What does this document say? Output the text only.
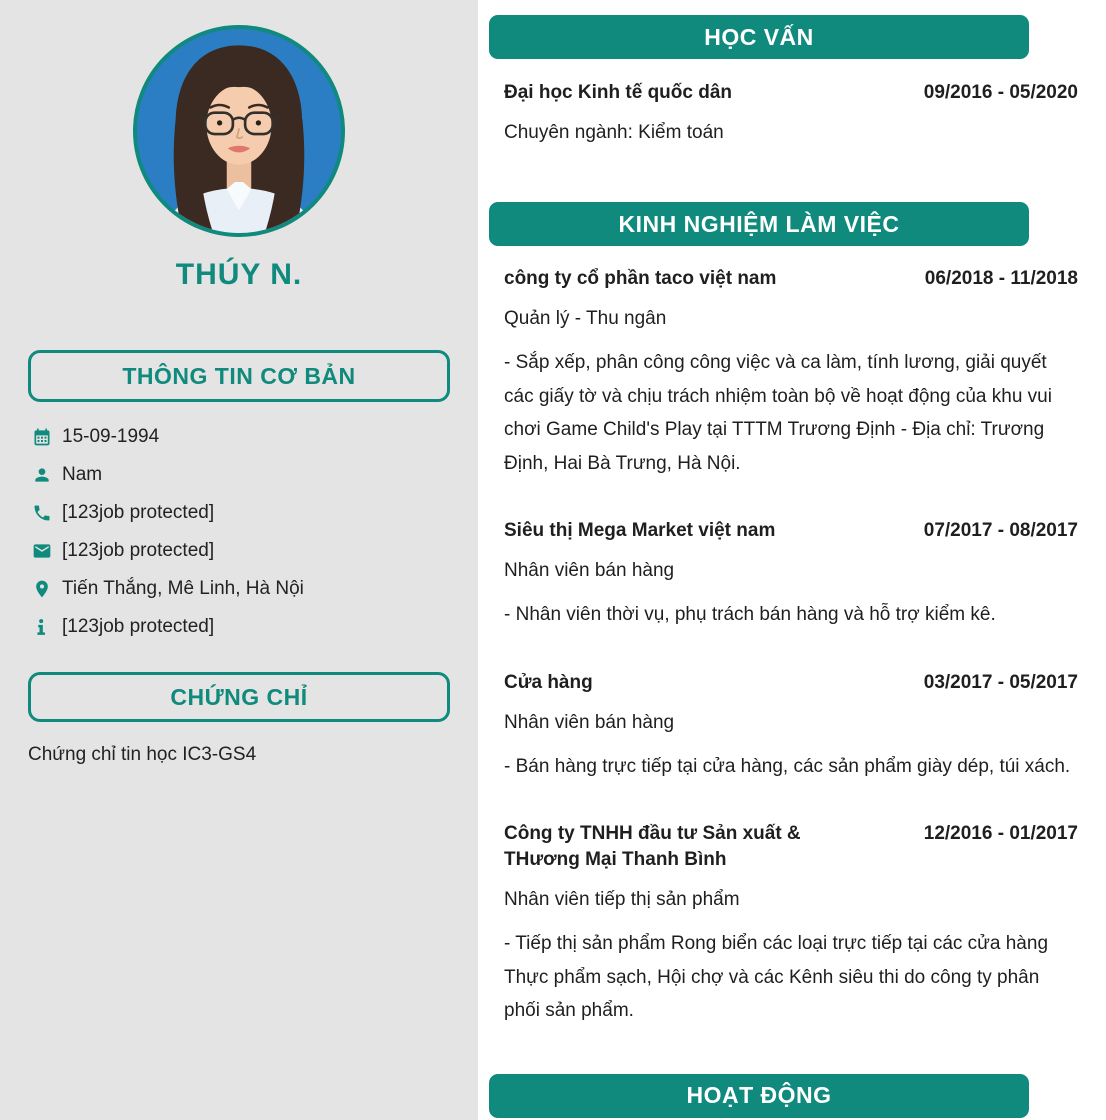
THÚY N.
THÔNG TIN CƠ BẢN
15-09-1994
Nam
[123job protected]
[123job protected]
Tiến Thắng, Mê Linh, Hà Nội
[123job protected]
CHỨNG CHỈ
Chứng chỉ tin học IC3-GS4
HỌC VẤN
Đại học Kinh tế quốc dân	09/2016 - 05/2020
Chuyên ngành: Kiểm toán
KINH NGHIỆM LÀM VIỆC
công ty cổ phần taco việt nam	06/2018 - 11/2018
Quản lý - Thu ngân
- Sắp xếp, phân công công việc và ca làm, tính lương, giải quyết các giấy tờ và chịu trách nhiệm toàn bộ về hoạt động của khu vui chơi Game Child's Play tại TTTM Trương Định - Địa chỉ: Trương Định, Hai Bà Trưng, Hà Nội.
Siêu thị Mega Market việt nam	07/2017 - 08/2017
Nhân viên bán hàng
- Nhân viên thời vụ, phụ trách bán hàng và hỗ trợ kiểm kê.
Cửa hàng	03/2017 - 05/2017
Nhân viên bán hàng
- Bán hàng trực tiếp tại cửa hàng, các sản phẩm giày dép, túi xách.
Công ty TNHH đầu tư Sản xuất & THương Mại Thanh Bình
12/2016 - 01/2017
Nhân viên tiếp thị sản phẩm
- Tiếp thị sản phẩm Rong biển các loại trực tiếp tại các cửa hàng Thực phẩm sạch, Hội chợ và các Kênh siêu thi do công ty phân phối sản phẩm.
HOẠT ĐỘNG
